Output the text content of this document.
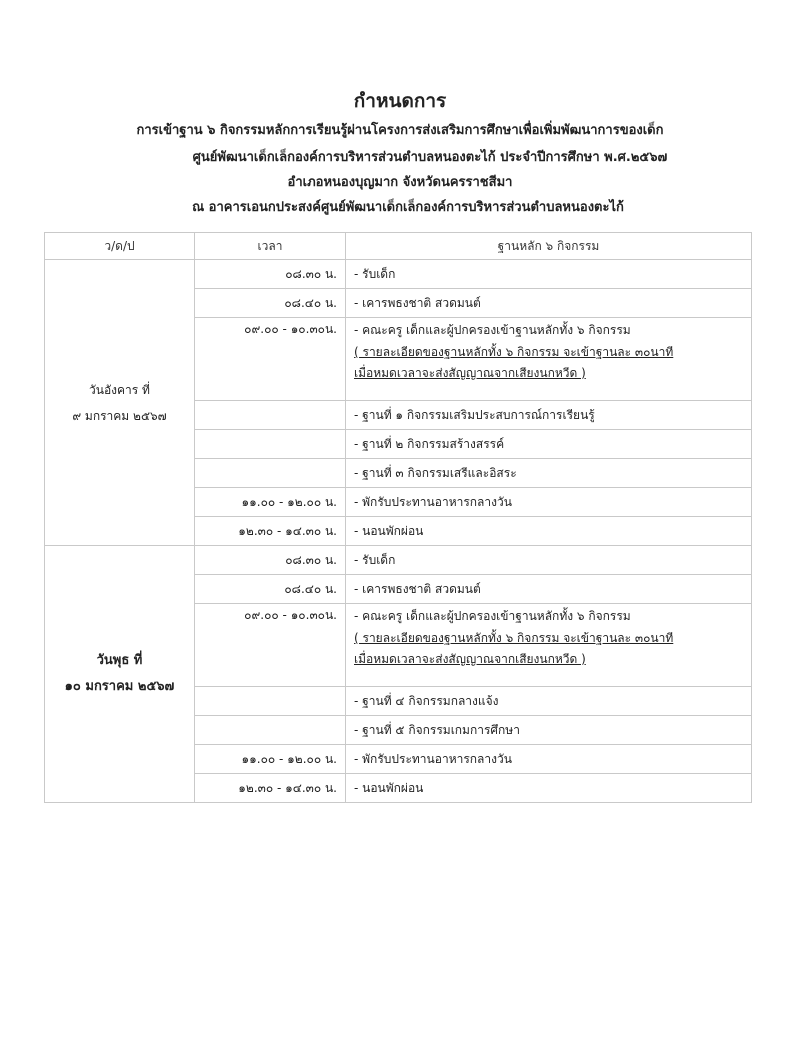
กำหนดการ
การเข้าฐาน ๖ กิจกรรมหลักการเรียนรู้ผ่านโครงการส่งเสริมการศึกษาเพื่อเพิ่มพัฒนาการของเด็ก
ศูนย์พัฒนาเด็กเล็กองค์การบริหารส่วนตำบลหนองตะไก้ ประจำปีการศึกษา พ.ศ.๒๕๖๗
อำเภอหนองบุญมาก จังหวัดนครราชสีมา
ณ อาคารเอนกประสงค์ศูนย์พัฒนาเด็กเล็กองค์การบริหารส่วนตำบลหนองตะไก้
ว/ด/ป	เวลา	ฐานหลัก ๖ กิจกรรม

วันอังคาร ที่
๙ มกราคม ๒๕๖๗	๐๘.๓๐ น.	- รับเด็ก
	๐๘.๔๐ น.	- เคารพธงชาติ สวดมนต์
	๐๙.๐๐ - ๑๐.๓๐น.	- คณะครู เด็กและผู้ปกครองเข้าฐานหลักทั้ง ๖ กิจกรรม
( รายละเอียดของฐานหลักทั้ง ๖ กิจกรรม จะเข้าฐานละ ๓๐นาที
เมื่อหมดเวลาจะส่งสัญญาณจากเสียงนกหวีด )

		- ฐานที่ ๑ กิจกรรมเสริมประสบการณ์การเรียนรู้
		- ฐานที่ ๒ กิจกรรมสร้างสรรค์
		- ฐานที่ ๓ กิจกรรมเสรีและอิสระ
	๑๑.๐๐ - ๑๒.๐๐ น.	- พักรับประทานอาหารกลางวัน
	๑๒.๓๐ - ๑๔.๓๐ น.	- นอนพักผ่อน

วันพุธ ที่
๑๐ มกราคม ๒๕๖๗	๐๘.๓๐ น.	- รับเด็ก
	๐๘.๔๐ น.	- เคารพธงชาติ สวดมนต์
	๐๙.๐๐ - ๑๐.๓๐น.	- คณะครู เด็กและผู้ปกครองเข้าฐานหลักทั้ง ๖ กิจกรรม
( รายละเอียดของฐานหลักทั้ง ๖ กิจกรรม จะเข้าฐานละ ๓๐นาที
เมื่อหมดเวลาจะส่งสัญญาณจากเสียงนกหวีด )

		- ฐานที่ ๔ กิจกรรมกลางแจ้ง
		- ฐานที่ ๕ กิจกรรมเกมการศึกษา
	๑๑.๐๐ - ๑๒.๐๐ น.	- พักรับประทานอาหารกลางวัน
	๑๒.๓๐ - ๑๔.๓๐ น.	- นอนพักผ่อน
